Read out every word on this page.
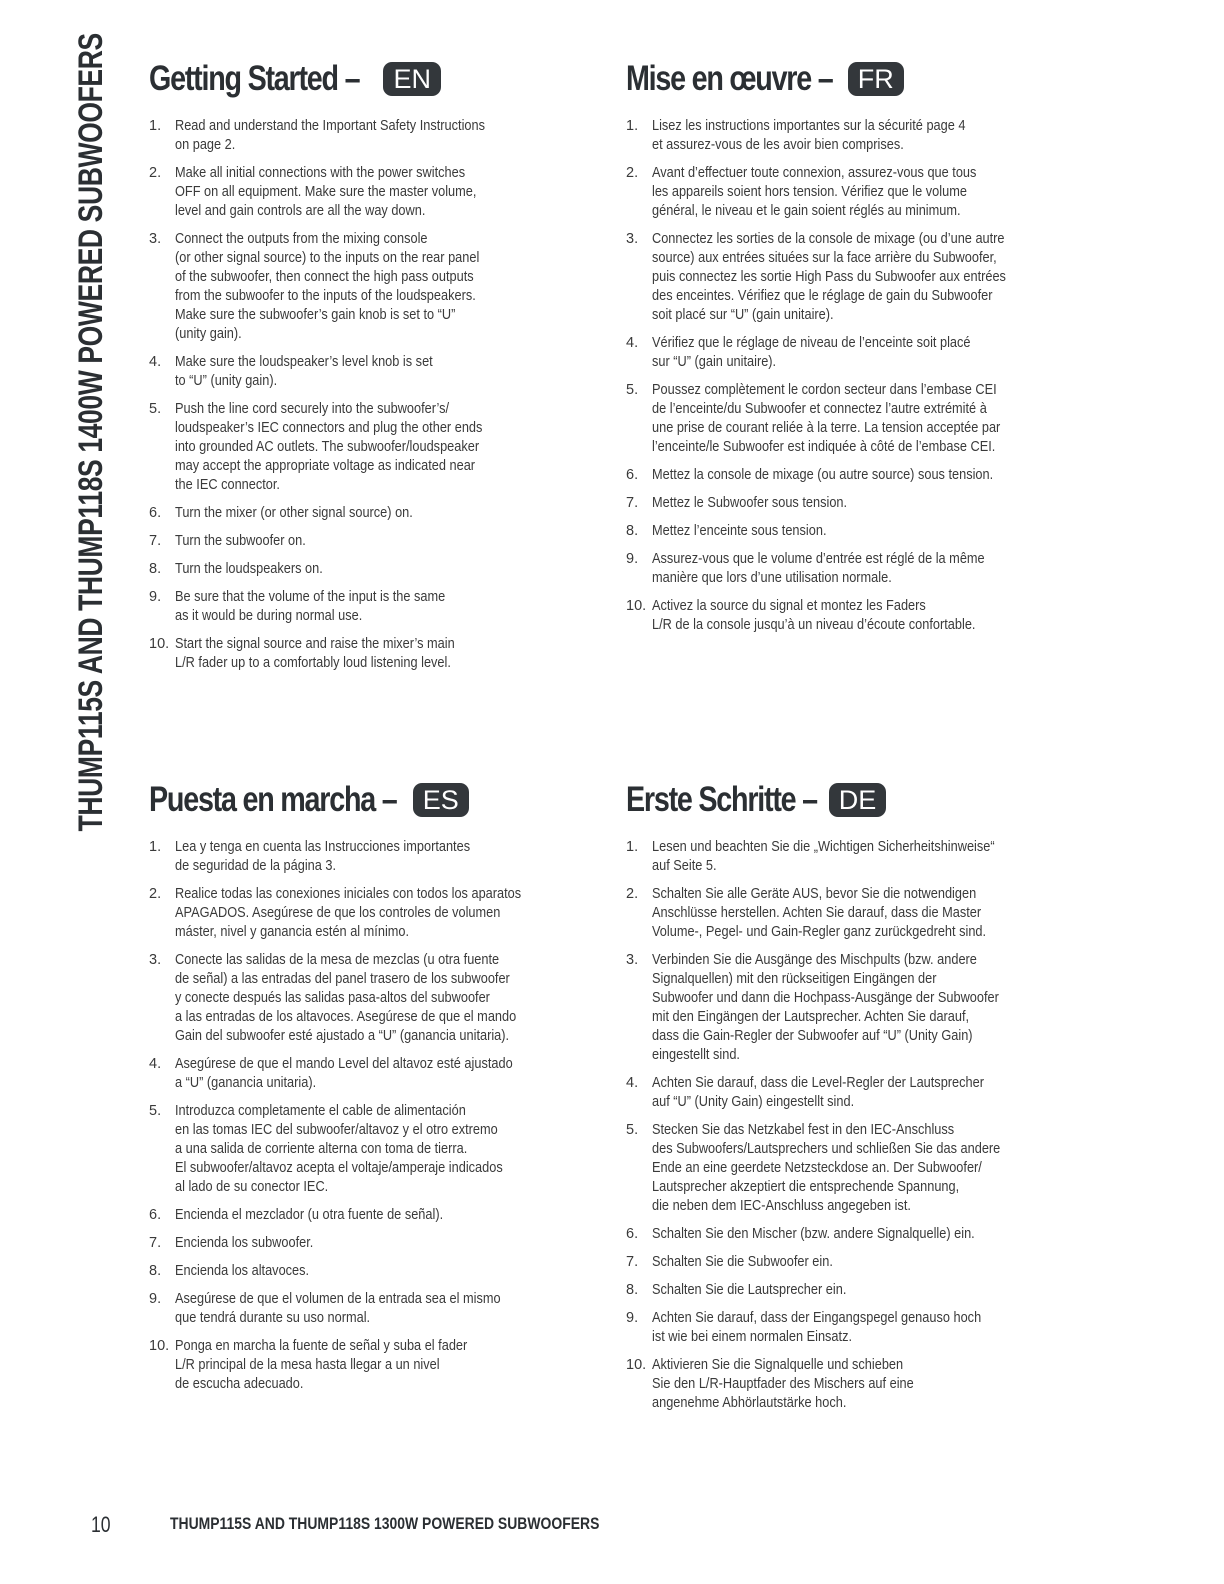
THUMP115S AND THUMP118S 1400W POWERED SUBWOOFERS Getting Started –	EN
1. Read and understand the Important Safety Instructions
on page 2.
2. Make all initial connections with the power switches
OFF on all equipment. Make sure the master volume,
level and gain controls are all the way down.
3. Connect the outputs from the mixing console
(or other signal source) to the inputs on the rear panel
of the subwoofer, then connect the high pass outputs
from the subwoofer to the inputs of the loudspeakers.
Make sure the subwoofer’s gain knob is set to “U”
(unity gain).
4. Make sure the loudspeaker’s level knob is set
to “U” (unity gain).
5. Push the line cord securely into the subwoofer’s/
loudspeaker’s IEC connectors and plug the other ends
into grounded AC outlets. The subwoofer/loudspeaker
may accept the appropriate voltage as indicated near
the IEC connector.
6. Turn the mixer (or other signal source) on.
7. Turn the subwoofer on.
8. Turn the loudspeakers on.
9. Be sure that the volume of the input is the same
as it would be during normal use.
10. Start the signal source and raise the mixer’s main
L/R fader up to a comfortably loud listening level.
Mise en œuvre – FR
1. Lisez les instructions importantes sur la sécurité page 4
et assurez-vous de les avoir bien comprises.
2. Avant d’effectuer toute connexion, assurez-vous que tous
les appareils soient hors tension. Vérifiez que le volume
général, le niveau et le gain soient réglés au minimum.
3. Connectez les sorties de la console de mixage (ou d’une autre
source) aux entrées situées sur la face arrière du Subwoofer,
puis connectez les sortie High Pass du Subwoofer aux entrées
des enceintes. Vérifiez que le réglage de gain du Subwoofer
soit placé sur “U” (gain unitaire).
4. Vérifiez que le réglage de niveau de l’enceinte soit placé
sur “U” (gain unitaire).
5. Poussez complètement le cordon secteur dans l’embase CEI
de l’enceinte/du Subwoofer et connectez l’autre extrémité à
une prise de courant reliée à la terre. La tension acceptée par
l’enceinte/le Subwoofer est indiquée à côté de l’embase CEI.
6. Mettez la console de mixage (ou autre source) sous tension.
7. Mettez le Subwoofer sous tension.
8. Mettez l’enceinte sous tension.
9. Assurez-vous que le volume d’entrée est réglé de la même
manière que lors d’une utilisation normale.
10. Activez la source du signal et montez les Faders
L/R de la console jusqu’à un niveau d’écoute confortable.
Puesta en marcha – ES
1. Lea y tenga en cuenta las Instrucciones importantes
de seguridad de la página 3.
2. Realice todas las conexiones iniciales con todos los aparatos
APAGADOS. Asegúrese de que los controles de volumen
máster, nivel y ganancia estén al mínimo.
3. Conecte las salidas de la mesa de mezclas (u otra fuente
de señal) a las entradas del panel trasero de los subwoofer
y conecte después las salidas pasa-altos del subwoofer
a las entradas de los altavoces. Asegúrese de que el mando
Gain del subwoofer esté ajustado a “U” (ganancia unitaria).
4. Asegúrese de que el mando Level del altavoz esté ajustado
a “U” (ganancia unitaria).
5. Introduzca completamente el cable de alimentación
en las tomas IEC del subwoofer/altavoz y el otro extremo
a una salida de corriente alterna con toma de tierra.
El subwoofer/altavoz acepta el voltaje/amperaje indicados
al lado de su conector IEC.
6. Encienda el mezclador (u otra fuente de señal).
7. Encienda los subwoofer.
8. Encienda los altavoces.
9. Asegúrese de que el volumen de la entrada sea el mismo
que tendrá durante su uso normal.
10. Ponga en marcha la fuente de señal y suba el fader
L/R principal de la mesa hasta llegar a un nivel
de escucha adecuado.
Erste Schritte – DE
1. Lesen und beachten Sie die „Wichtigen Sicherheitshinweise“
auf Seite 5.
2. Schalten Sie alle Geräte AUS, bevor Sie die notwendigen
Anschlüsse herstellen. Achten Sie darauf, dass die Master
Volume-, Pegel- und Gain-Regler ganz zurückgedreht sind.
3. Verbinden Sie die Ausgänge des Mischpults (bzw. andere
Signalquellen) mit den rückseitigen Eingängen der
Subwoofer und dann die Hochpass-Ausgänge der Subwoofer
mit den Eingängen der Lautsprecher. Achten Sie darauf,
dass die Gain-Regler der Subwoofer auf “U” (Unity Gain)
eingestellt sind.
4. Achten Sie darauf, dass die Level-Regler der Lautsprecher
auf “U” (Unity Gain) eingestellt sind.
5. Stecken Sie das Netzkabel fest in den IEC-Anschluss
des Subwoofers/Lautsprechers und schließen Sie das andere
Ende an eine geerdete Netzsteckdose an. Der Subwoofer/
Lautsprecher akzeptiert die entsprechende Spannung,
die neben dem IEC-Anschluss angegeben ist.
6. Schalten Sie den Mischer (bzw. andere Signalquelle) ein.
7. Schalten Sie die Subwoofer ein.
8. Schalten Sie die Lautsprecher ein.
9. Achten Sie darauf, dass der Eingangspegel genauso hoch
ist wie bei einem normalen Einsatz.
10. Aktivieren Sie die Signalquelle und schieben
Sie den L/R-Hauptfader des Mischers auf eine
angenehme Abhörlautstärke hoch.
10	THUMP115S AND THUMP118S 1300W POWERED SUBWOOFERS
